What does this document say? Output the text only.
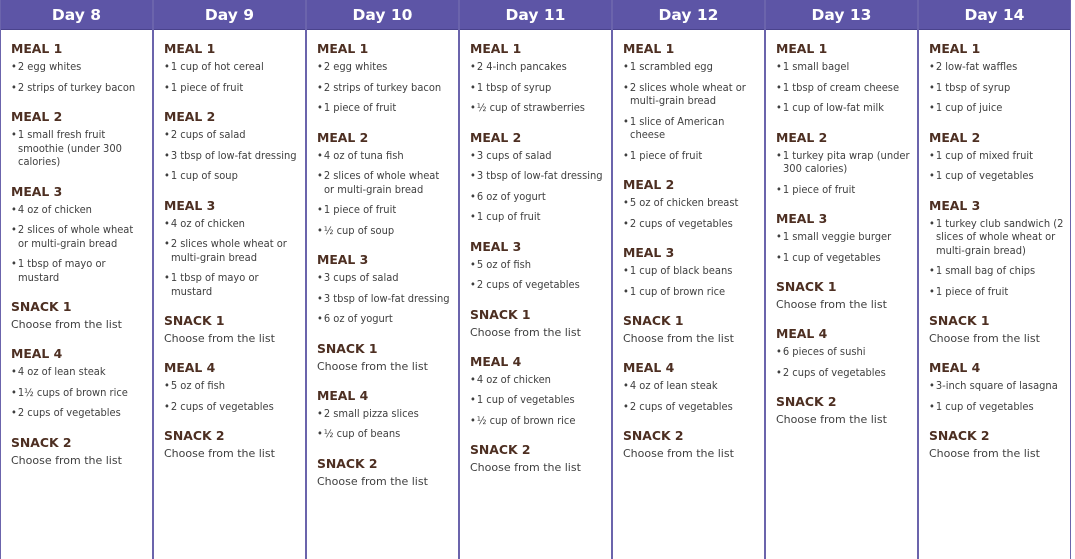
Day 8
MEAL 1
• 2 egg whites
• 2 strips of turkey bacon
MEAL 2
• 1 small fresh fruit smoothie (under 300 calories)
MEAL 3
• 4 oz of chicken
• 2 slices of whole wheat or multi-grain bread
• 1 tbsp of mayo or mustard
SNACK 1

Choose from the list

MEAL 4
• 4 oz of lean steak
• 1½ cups of brown rice
• 2 cups of vegetables
SNACK 2

Choose from the list

Day 9
MEAL 1
• 1 cup of hot cereal
• 1 piece of fruit
MEAL 2
• 2 cups of salad
• 3 tbsp of low-fat dressing
• 1 cup of soup
MEAL 3
• 4 oz of chicken
• 2 slices whole wheat or multi-grain bread
• 1 tbsp of mayo or mustard
SNACK 1

Choose from the list

MEAL 4
• 5 oz of fish
• 2 cups of vegetables
SNACK 2

Choose from the list

Day 10
MEAL 1
• 2 egg whites
• 2 strips of turkey bacon
• 1 piece of fruit
MEAL 2
• 4 oz of tuna fish
• 2 slices of whole wheat or multi-grain bread
• 1 piece of fruit
• ½ cup of soup
MEAL 3
• 3 cups of salad
• 3 tbsp of low-fat dressing
• 6 oz of yogurt
SNACK 1

Choose from the list

MEAL 4
• 2 small pizza slices
• ½ cup of beans
SNACK 2

Choose from the list

Day 11
MEAL 1
• 2 4-inch pancakes
• 1 tbsp of syrup
• ½ cup of strawberries
MEAL 2
• 3 cups of salad
• 3 tbsp of low-fat dressing
• 6 oz of yogurt
• 1 cup of fruit
MEAL 3
• 5 oz of fish
• 2 cups of vegetables
SNACK 1

Choose from the list

MEAL 4
• 4 oz of chicken
• 1 cup of vegetables
• ½ cup of brown rice
SNACK 2

Choose from the list

Day 12
MEAL 1
• 1 scrambled egg
• 2 slices whole wheat or multi-grain bread
• 1 slice of American cheese
• 1 piece of fruit
MEAL 2
• 5 oz of chicken breast
• 2 cups of vegetables
MEAL 3
• 1 cup of black beans
• 1 cup of brown rice
SNACK 1

Choose from the list

MEAL 4
• 4 oz of lean steak
• 2 cups of vegetables
SNACK 2

Choose from the list

Day 13
MEAL 1
• 1 small bagel
• 1 tbsp of cream cheese
• 1 cup of low-fat milk
MEAL 2
• 1 turkey pita wrap (under 300 calories)
• 1 piece of fruit
MEAL 3
• 1 small veggie burger
• 1 cup of vegetables
SNACK 1

Choose from the list

MEAL 4
• 6 pieces of sushi
• 2 cups of vegetables
SNACK 2

Choose from the list

Day 14
MEAL 1
• 2 low-fat waffles
• 1 tbsp of syrup
• 1 cup of juice
MEAL 2
• 1 cup of mixed fruit
• 1 cup of vegetables
MEAL 3
• 1 turkey club sandwich (2 slices of whole wheat or multi-grain bread)
• 1 small bag of chips
• 1 piece of fruit
SNACK 1

Choose from the list

MEAL 4
• 3-inch square of lasagna
• 1 cup of vegetables
SNACK 2

Choose from the list
